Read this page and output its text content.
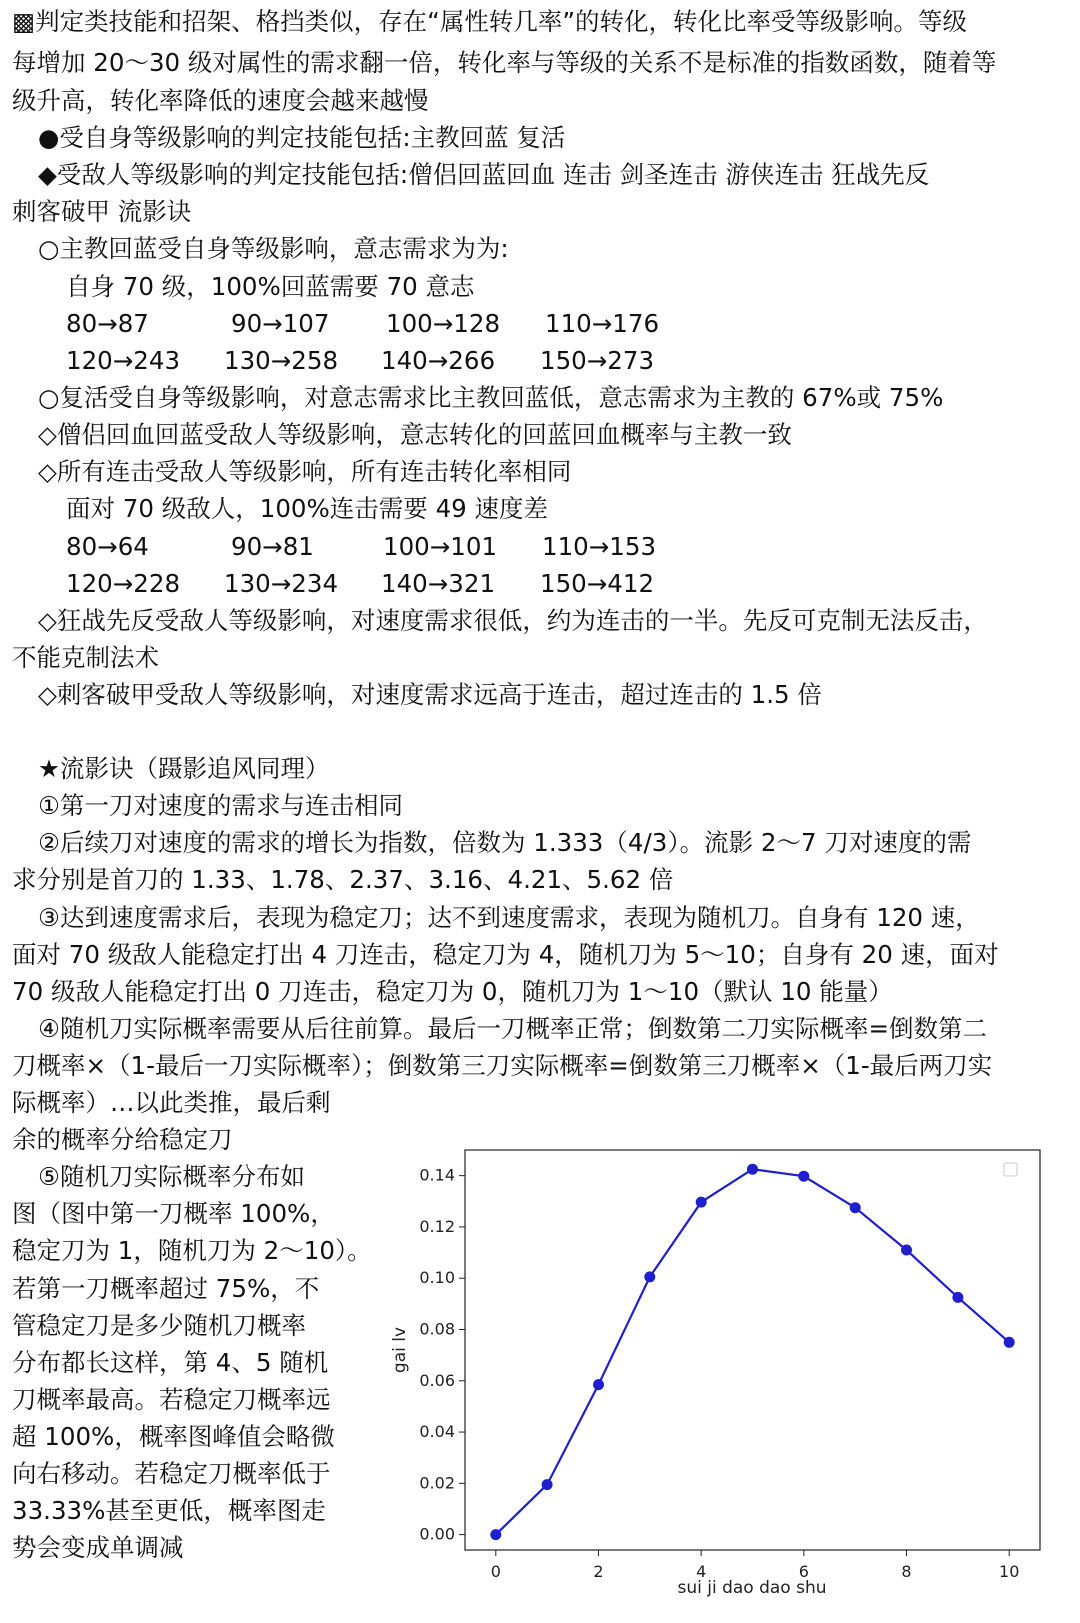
▩判定类技能和招架、格挡类似，存在“属性转几率”的转化，转化比率受等级影响。等级
每增加 20～30 级对属性的需求翻一倍，转化率与等级的关系不是标准的指数函数，随着等
级升高，转化率降低的速度会越来越慢
●受自身等级影响的判定技能包括:主教回蓝 复活
◆受敌人等级影响的判定技能包括:僧侣回蓝回血 连击 剑圣连击 游侠连击 狂战先反
刺客破甲 流影诀
○主教回蓝受自身等级影响，意志需求为为:
自身 70 级，100%回蓝需要 70 意志
80→87	90→107 100→128 110→176
120→243 130→258 140→266 150→273
○复活受自身等级影响，对意志需求比主教回蓝低，意志需求为主教的 67%或 75%
◇僧侣回血回蓝受敌人等级影响，意志转化的回蓝回血概率与主教一致
◇所有连击受敌人等级影响，所有连击转化率相同
面对 70 级敌人，100%连击需要 49 速度差
80→64	90→81	100→101 110→153
120→228 130→234 140→321 150→412
◇狂战先反受敌人等级影响，对速度需求很低，约为连击的一半。先反可克制无法反击，
不能克制法术
◇刺客破甲受敌人等级影响，对速度需求远高于连击，超过连击的 1.5 倍
★流影诀（蹑影追风同理）
①第一刀对速度的需求与连击相同
②后续刀对速度的需求的增长为指数，倍数为 1.333（4/3）。流影 2～7 刀对速度的需
求分别是首刀的 1.33、1.78、2.37、3.16、4.21、5.62 倍
③达到速度需求后，表现为稳定刀；达不到速度需求，表现为随机刀。自身有 120 速，
面对 70 级敌人能稳定打出 4 刀连击，稳定刀为 4，随机刀为 5～10；自身有 20 速，面对
70 级敌人能稳定打出 0 刀连击，稳定刀为 0，随机刀为 1～10（默认 10 能量）
④随机刀实际概率需要从后往前算。最后一刀概率正常；倒数第二刀实际概率=倒数第二
刀概率×（1-最后一刀实际概率）；倒数第三刀实际概率=倒数第三刀概率×（1-最后两刀实
际概率）…以此类推，最后剩
余的概率分给稳定刀
⑤随机刀实际概率分布如
图（图中第一刀概率 100%，
稳定刀为 1，随机刀为 2～10）。
若第一刀概率超过 75%，不
管稳定刀是多少随机刀概率
分布都长这样，第 4、5 随机
刀概率最高。若稳定刀概率远
超 100%，概率图峰值会略微
向右移动。若稳定刀概率低于
33.33%甚至更低，概率图走
势会变成单调减	0.00
0.02
0.04
0.06
0.08
0.10
0.12
0.14
0	2	4	6	8	10
sui ji dao dao shu
gai lv
